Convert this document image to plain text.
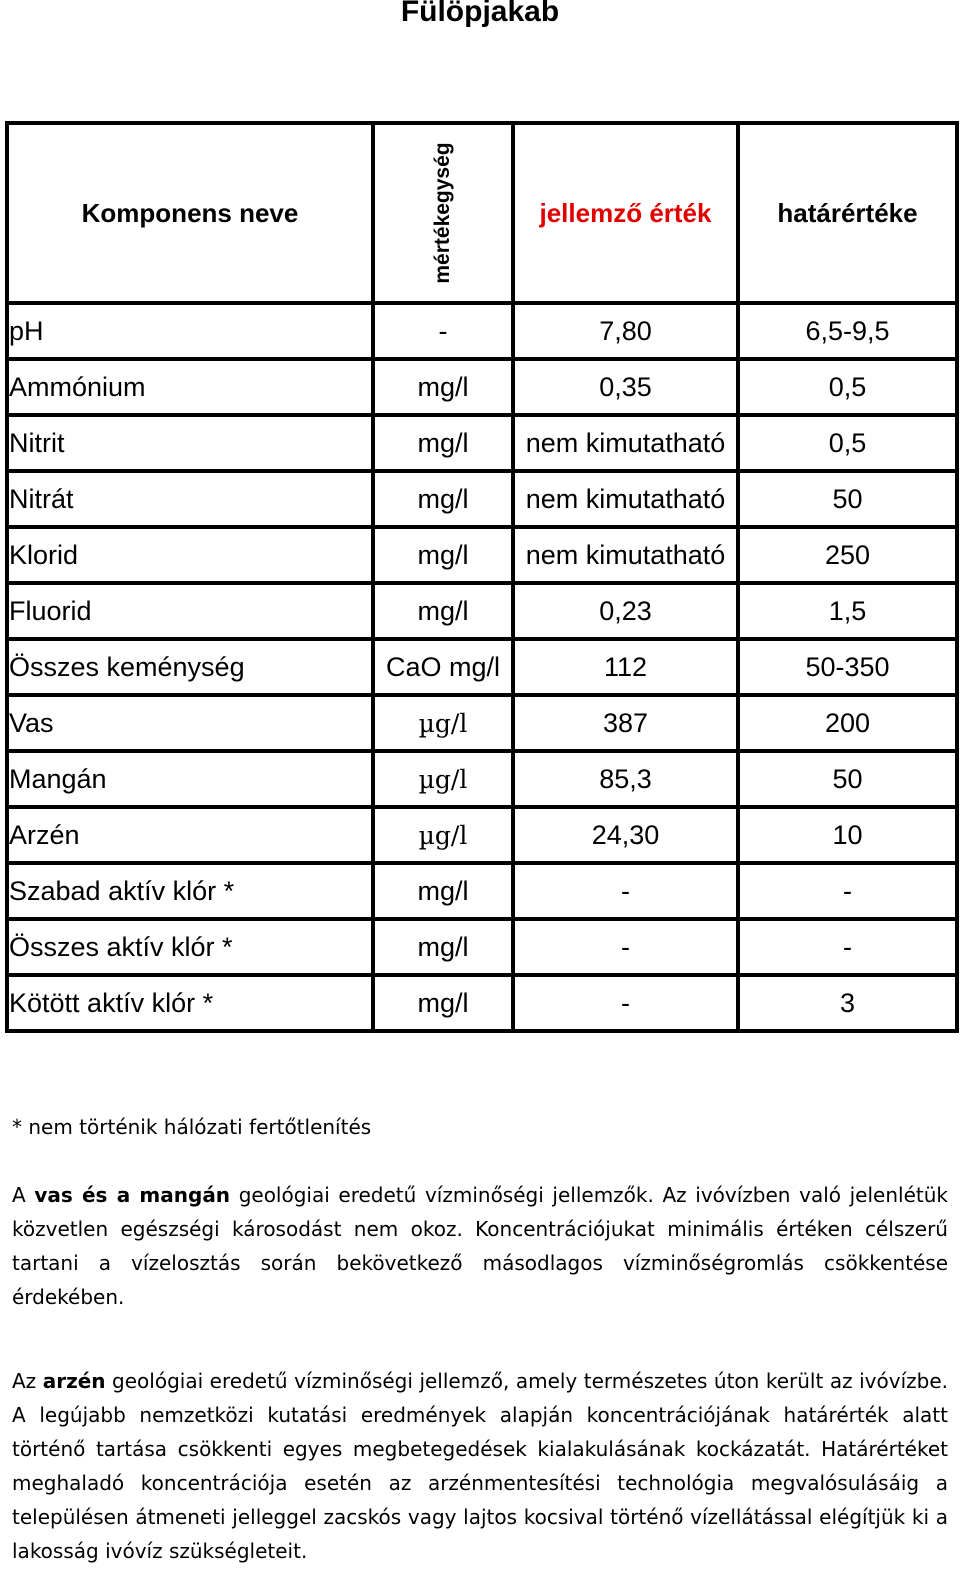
Fülöpjakab
Komponens neve	mértékegység	jellemző érték	határértéke
pH	-	7,80	6,5-9,5
Ammónium	mg/l	0,35	0,5
Nitrit	mg/l	nem kimutatható	0,5
Nitrát	mg/l	nem kimutatható	50
Klorid	mg/l	nem kimutatható	250
Fluorid	mg/l	0,23	1,5
Összes keménység	CaO mg/l	112	50-350
Vas	µg/l	387	200
Mangán	µg/l	85,3	50
Arzén	µg/l	24,30	10
Szabad aktív klór *	mg/l	-	-
Összes aktív klór *	mg/l	-	-
Kötött aktív klór *	mg/l	-	3
* nem történik hálózati fertőtlenítés
A vas és a mangán geológiai eredetű vízminőségi jellemzők. Az ivóvízben való jelenlétük közvetlen egészségi károsodást nem okoz. Koncentrációjukat minimális értéken célszerű tartani a vízelosztás során bekövetkező másodlagos vízminőségromlás csökkentése érdekében.
Az arzén geológiai eredetű vízminőségi jellemző, amely természetes úton került az ivóvízbe. A legújabb nemzetközi kutatási eredmények alapján koncentrációjának határérték alatt történő tartása csökkenti egyes megbetegedések kialakulásának kockázatát. Határértéket meghaladó koncentrációja esetén az arzénmentesítési technológia megvalósulásáig a településen átmeneti jelleggel zacskós vagy lajtos kocsival történő vízellátással elégítjük ki a lakosság ivóvíz szükségleteit.
